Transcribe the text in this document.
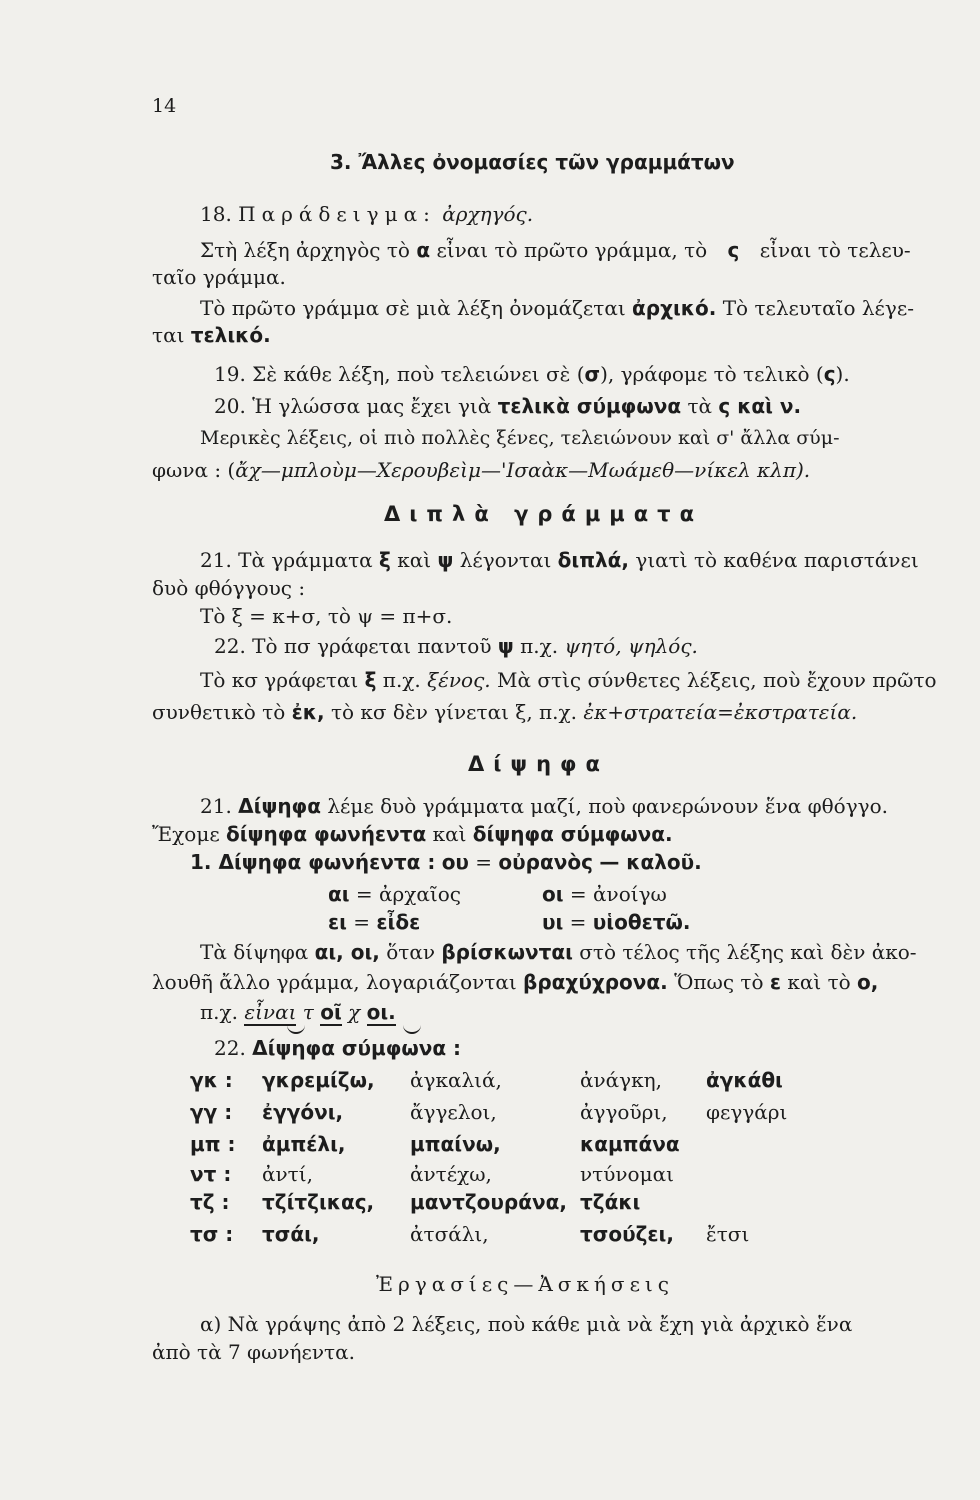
14
3. Ἄλλες ὀνομασίες τῶν γραμμάτων
18. Παράδειγμα: ἀρχηγός.
Στὴ λέξη ἀρχηγὸς τὸ α εἶναι τὸ πρῶτο γράμμα, τὸ ς εἶναι τὸ τελευ-
ταῖο γράμμα.
Τὸ πρῶτο γράμμα σὲ μιὰ λέξη ὀνομάζεται ἀρχικό. Τὸ τελευταῖο λέγε-
ται τελικό.
19. Σὲ κάθε λέξη, ποὺ τελειώνει σὲ (σ), γράφομε τὸ τελικὸ (ς).
20. Ἡ γλώσσα μας ἔχει γιὰ τελικὰ σύμφωνα τὰ ς καὶ ν.
Μερικὲς λέξεις, οἱ πιὸ πολλὲς ξένες, τελειώνουν καὶ σ' ἄλλα σύμ-
φωνα : (ἄχ—μπλοὺμ—Χερουβεὶμ—'Ισαὰκ—Μωάμεθ—νίκελ κλπ).
Διπλὰ γράμματα
21. Τὰ γράμματα ξ καὶ ψ λέγονται διπλά, γιατὶ τὸ καθένα παριστάνει
δυὸ φθόγγους :
Τὸ ξ = κ+σ, τὸ ψ = π+σ.
22. Τὸ πσ γράφεται παντοῦ ψ π.χ. ψητό, ψηλός.
Τὸ κσ γράφεται ξ π.χ. ξένος. Μὰ στὶς σύνθετες λέξεις, ποὺ ἔχουν πρῶτο
συνθετικὸ τὸ ἐκ, τὸ κσ δὲν γίνεται ξ, π.χ. ἐκ+στρατεία=ἐκστρατεία.
Δίψηφα
21. Δίψηφα λέμε δυὸ γράμματα μαζί, ποὺ φανερώνουν ἕνα φθόγγο.
Ἔχομε δίψηφα φωνήεντα καὶ δίψηφα σύμφωνα.
1. Δίψηφα φωνήεντα : ου = οὐρανὸς — καλοῦ.
αι = ἀρχαῖος	οι = ἀνοίγω
ει = εἶδε	υι = υἱοθετῶ.
Τὰ δίψηφα αι, οι, ὅταν βρίσκωνται στὸ τέλος τῆς λέξης καὶ δὲν ἀκο-
λουθῆ ἄλλο γράμμα, λογαριάζονται βραχύχρονα. Ὅπως τὸ ε καὶ τὸ ο,
π.χ. εἶναι τ οῖ χ οι.
22. Δίψηφα σύμφωνα :
γκ : γκρεμίζω, ἀγκαλιά,	ἀνάγκη, ἀγκάθι
γγ : ἐγγόνι,	ἄγγελοι,	ἀγγοῦρι, φεγγάρι
μπ : ἀμπέλι,	μπαίνω,	καμπάνα
ντ : ἀντί,	ἀντέχω,	ντύνομαι
τζ : τζίτζικας, μαντζουράνα, τζάκι
τσ : τσάι,	ἀτσάλι,	τσούζει, ἔτσι
Ἐργασίες—Ἀσκήσεις
α) Νὰ γράψης ἀπὸ 2 λέξεις, ποὺ κάθε μιὰ νὰ ἔχη γιὰ ἀρχικὸ ἕνα
ἀπὸ τὰ 7 φωνήεντα.
